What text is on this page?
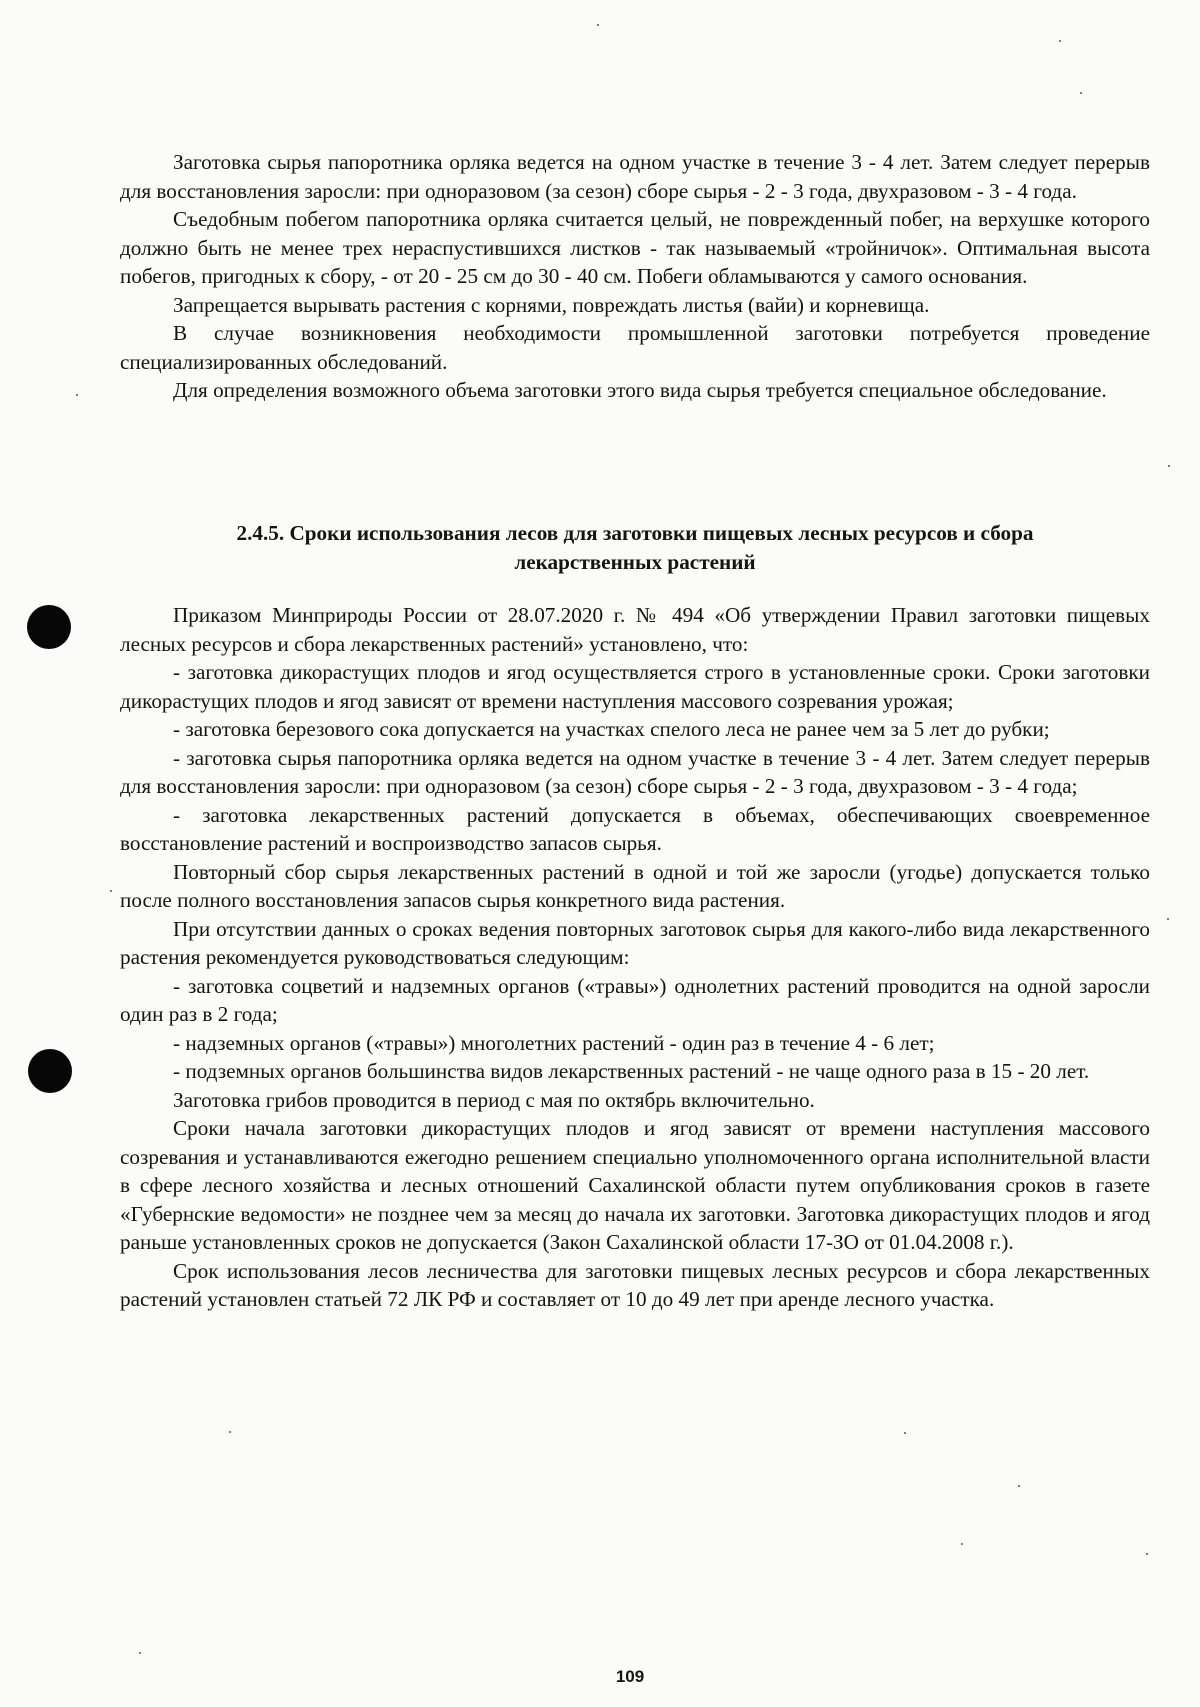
Заготовка сырья папоротника орляка ведется на одном участке в течение 3 - 4 лет. Затем следует перерыв для восстановления заросли: при одноразовом (за сезон) сборе сырья - 2 - 3 года, двухразовом - 3 - 4 года.

Съедобным побегом папоротника орляка считается целый, не поврежденный побег, на верхушке которого должно быть не менее трех нераспустившихся листков - так называемый «тройничок». Оптимальная высота побегов, пригодных к сбору, - от 20 - 25 см до 30 - 40 см. Побеги обламываются у самого основания.

Запрещается вырывать растения с корнями, повреждать листья (вайи) и корневища.

В случае возникновения необходимости промышленной заготовки потребуется проведение специализированных обследований.

Для определения возможного объема заготовки этого вида сырья требуется специальное обследование.

2.4.5. Сроки использования лесов для заготовки пищевых лесных ресурсов и сбора
лекарственных растений

Приказом Минприроды России от 28.07.2020 г. № 494 «Об утверждении Правил заготовки пищевых лесных ресурсов и сбора лекарственных растений» установлено, что:

- заготовка дикорастущих плодов и ягод осуществляется строго в установленные сроки. Сроки заготовки дикорастущих плодов и ягод зависят от времени наступления массового созревания урожая;

- заготовка березового сока допускается на участках спелого леса не ранее чем за 5 лет до рубки;

- заготовка сырья папоротника орляка ведется на одном участке в течение 3 - 4 лет. Затем следует перерыв для восстановления заросли: при одноразовом (за сезон) сборе сырья - 2 - 3 года, двухразовом - 3 - 4 года;

- заготовка лекарственных растений допускается в объемах, обеспечивающих своевременное восстановление растений и воспроизводство запасов сырья.

Повторный сбор сырья лекарственных растений в одной и той же заросли (угодье) допускается только после полного восстановления запасов сырья конкретного вида растения.

При отсутствии данных о сроках ведения повторных заготовок сырья для какого-либо вида лекарственного растения рекомендуется руководствоваться следующим:

- заготовка соцветий и надземных органов («травы») однолетних растений проводится на одной заросли один раз в 2 года;

- надземных органов («травы») многолетних растений - один раз в течение 4 - 6 лет;

- подземных органов большинства видов лекарственных растений - не чаще одного раза в 15 - 20 лет.

Заготовка грибов проводится в период с мая по октябрь включительно.

Сроки начала заготовки дикорастущих плодов и ягод зависят от времени наступления массового созревания и устанавливаются ежегодно решением специально уполномоченного органа исполнительной власти в сфере лесного хозяйства и лесных отношений Сахалинской области путем опубликования сроков в газете «Губернские ведомости» не позднее чем за месяц до начала их заготовки. Заготовка дикорастущих плодов и ягод раньше установленных сроков не допускается (Закон Сахалинской области 17-ЗО от 01.04.2008 г.).

Срок использования лесов лесничества для заготовки пищевых лесных ресурсов и сбора лекарственных растений установлен статьей 72 ЛК РФ и составляет от 10 до 49 лет при аренде лесного участка.

109
